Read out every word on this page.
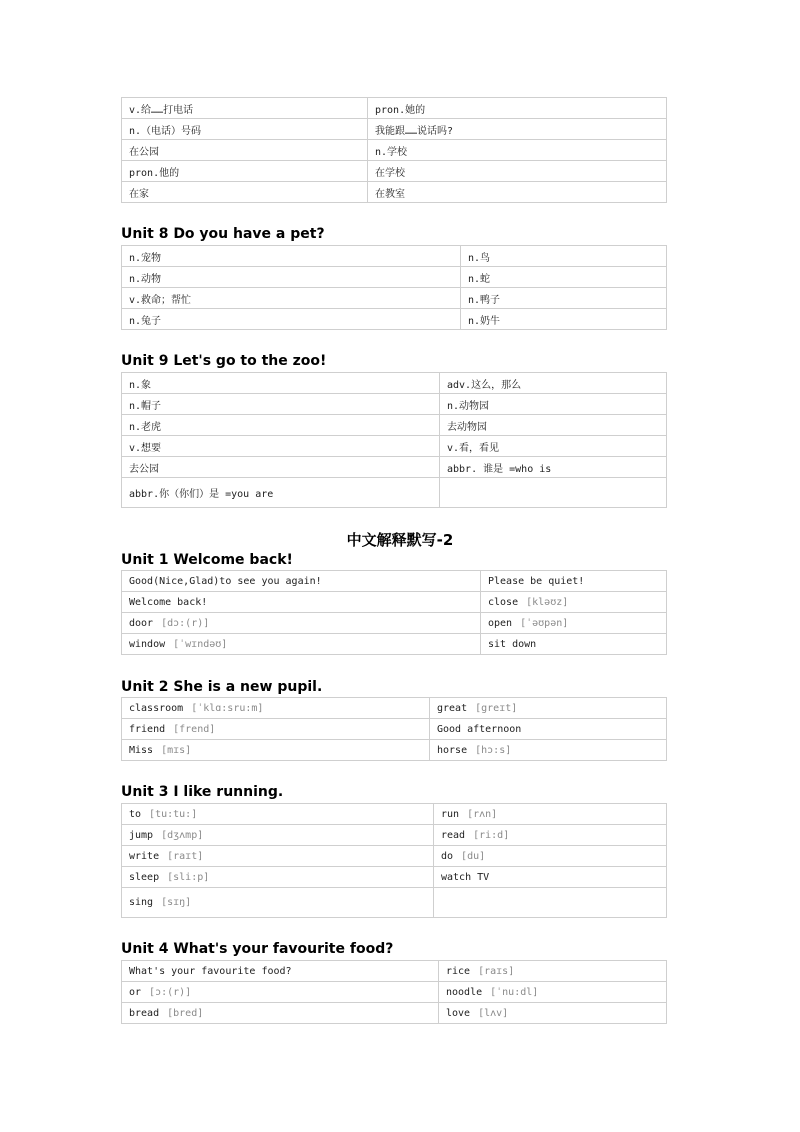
v.给……打电话	pron.她的
n.（电话）号码	我能跟……说话吗?
在公园	n.学校
pron.他的	在学校
在家	在教室
Unit 8 Do you have a pet?
n.宠物	n.鸟
n.动物	n.蛇
v.救命；帮忙	n.鸭子
n.兔子	n.奶牛
Unit 9 Let's go to the zoo!
n.象	adv.这么，那么
n.帽子	n.动物园
n.老虎	去动物园
v.想要	v.看，看见
去公园	abbr. 谁是 =who is
abbr.你（你们）是 =you are	
中文解释默写-2
Unit 1 Welcome back!
Good(Nice,Glad)to see you again!	Please be quiet!
Welcome back!	close [kləʊz]
door [dɔ:(r)]	open [ˈəʊpən]
window [ˈwɪndəʊ]	sit down
Unit 2 She is a new pupil.
classroom [ˈklɑ:sru:m]	great [greɪt]
friend [frend]	Good afternoon
Miss [mɪs]	horse [hɔ:s]
Unit 3 I like running.
to [tu:tu:]	run [rʌn]
jump [dʒʌmp]	read [ri:d]
write [raɪt]	do [du]
sleep [sli:p]	watch TV
sing [sɪŋ]	
Unit 4 What's your favourite food?
What's your favourite food?	rice [raɪs]
or [ɔ:(r)]	noodle [ˈnu:dl]
bread [bred]	love [lʌv]
